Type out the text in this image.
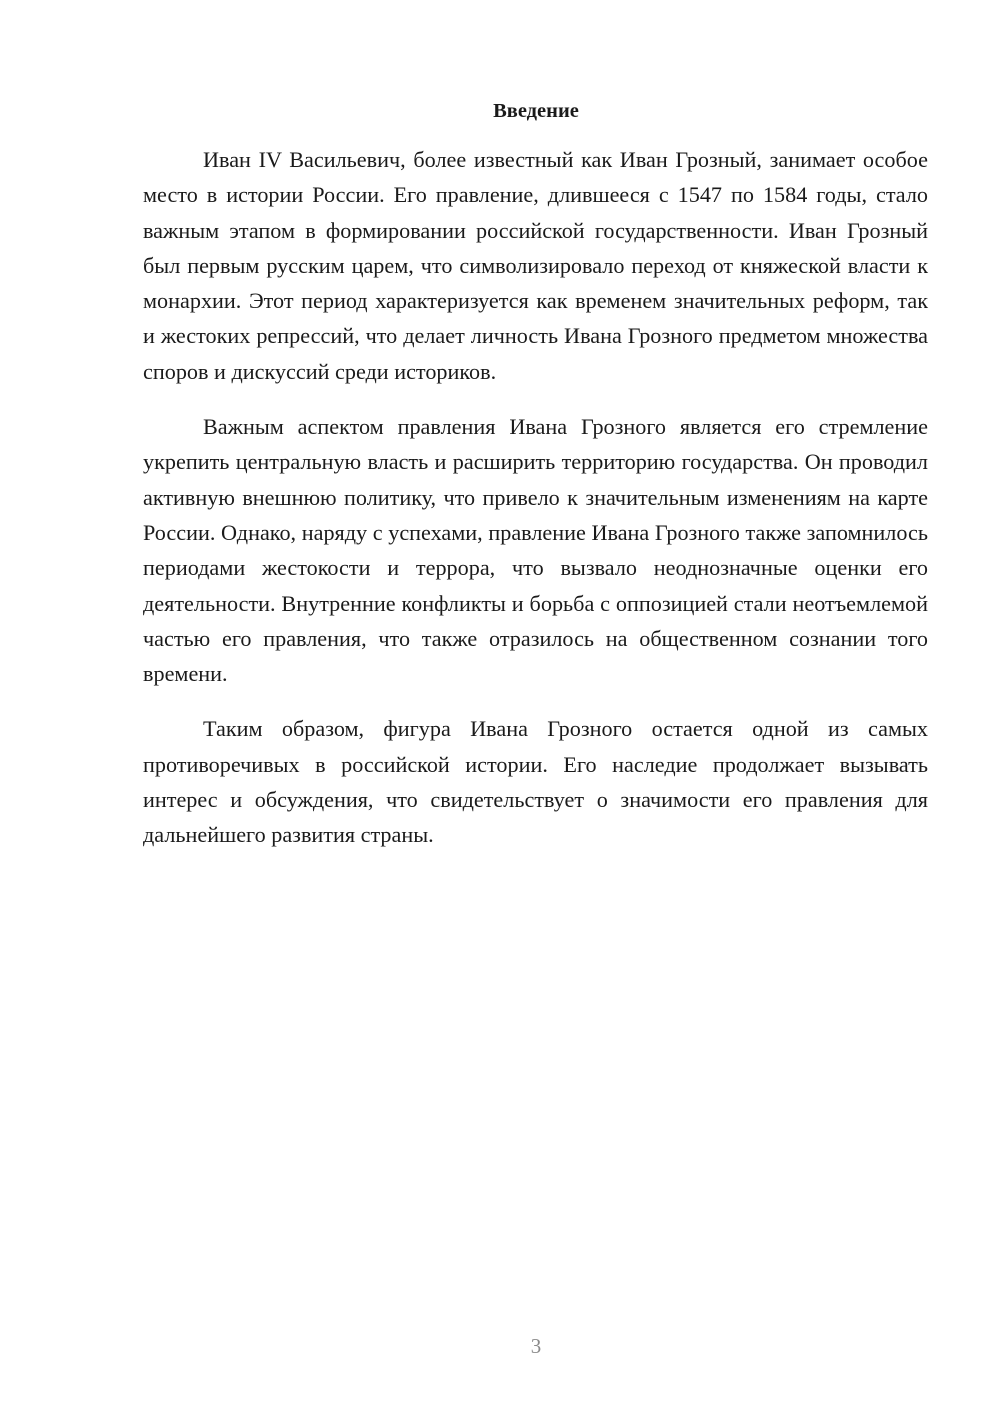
Введение

Иван IV Васильевич, более известный как Иван Грозный, занимает особое место в истории России. Его правление, длившееся с 1547 по 1584 годы, стало важным этапом в формировании российской государственности. Иван Грозный был первым русским царем, что символизировало переход от княжеской власти к монархии. Этот период характеризуется как временем значительных реформ, так и жестоких репрессий, что делает личность Ивана Грозного предметом множества споров и дискуссий среди историков.

Важным аспектом правления Ивана Грозного является его стремление укрепить центральную власть и расширить территорию государства. Он проводил активную внешнюю политику, что привело к значительным изменениям на карте России. Однако, наряду с успехами, правление Ивана Грозного также запомнилось периодами жестокости и террора, что вызвало неоднозначные оценки его деятельности. Внутренние конфликты и борьба с оппозицией стали неотъемлемой частью его правления, что также отразилось на общественном сознании того времени.

Таким образом, фигура Ивана Грозного остается одной из самых противоречивых в российской истории. Его наследие продолжает вызывать интерес и обсуждения, что свидетельствует о значимости его правления для дальнейшего развития страны.

3
